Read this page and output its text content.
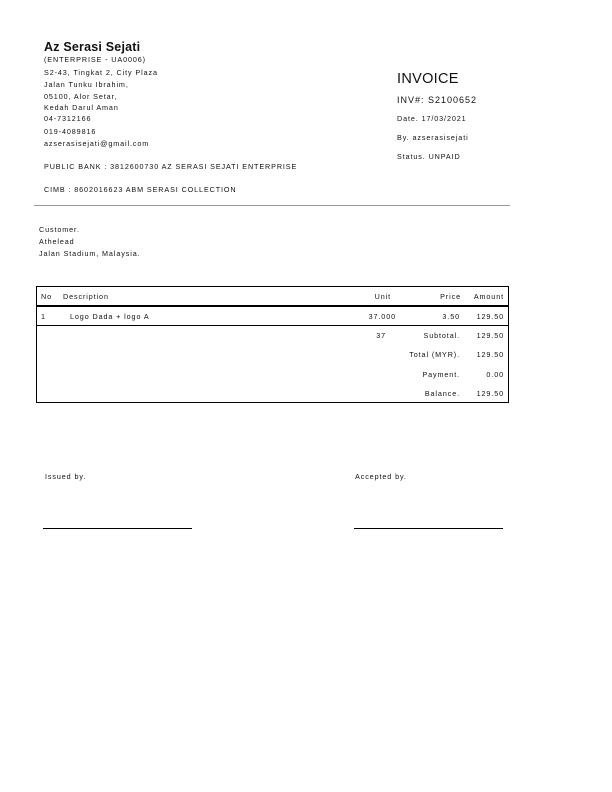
Az Serasi Sejati
(ENTERPRISE - UA0006)
S2-43, Tingkat 2, City Plaza
Jalan Tunku Ibrahim,
05100, Alor Setar,
Kedah Darul Aman
04-7312166
019-4089816
azserasisejati@gmail.com
PUBLIC BANK : 3812600730 AZ SERASI SEJATI ENTERPRISE
CIMB : 8602016623 ABM SERASI COLLECTION
INVOICE
INV#: S2100652
Date. 17/03/2021
By. azserasisejati
Status. UNPAID
Customer.
Athelead
Jalan Stadium, Malaysia.
No Description	Unit	Price Amount
1	Logo Dada + logo A	37.000	3.50 129.50
37	Subtotal. 129.50
Total (MYR). 129.50
Payment.	0.00
Balance. 129.50
Issued by.	Accepted by.
